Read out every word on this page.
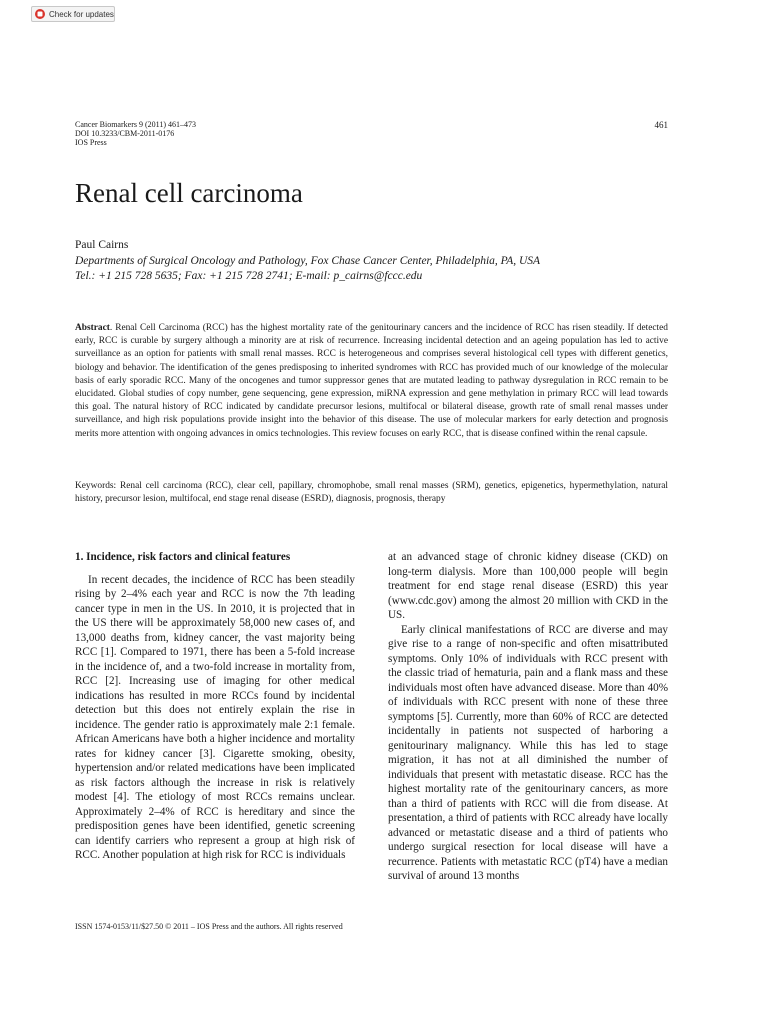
Check for updates
Cancer Biomarkers 9 (2011) 461–473
DOI 10.3233/CBM-2011-0176
IOS Press
461
Renal cell carcinoma
Paul Cairns
Departments of Surgical Oncology and Pathology, Fox Chase Cancer Center, Philadelphia, PA, USA
Tel.: +1 215 728 5635; Fax: +1 215 728 2741; E-mail: p_cairns@fccc.edu

Abstract. Renal Cell Carcinoma (RCC) has the highest mortality rate of the genitourinary cancers and the incidence of RCC has risen steadily. If detected early, RCC is curable by surgery although a minority are at risk of recurrence. Increasing incidental detection and an ageing population has led to active surveillance as an option for patients with small renal masses. RCC is heterogeneous and comprises several histological cell types with different genetics, biology and behavior. The identification of the genes predisposing to inherited syndromes with RCC has provided much of our knowledge of the molecular basis of early sporadic RCC. Many of the oncogenes and tumor suppressor genes that are mutated leading to pathway dysregulation in RCC remain to be elucidated. Global studies of copy number, gene sequencing, gene expression, miRNA expression and gene methylation in primary RCC will lead towards this goal. The natural history of RCC indicated by candidate precursor lesions, multifocal or bilateral disease, growth rate of small renal masses under surveillance, and high risk populations provide insight into the behavior of this disease. The use of molecular markers for early detection and prognosis merits more attention with ongoing advances in omics technologies. This review focuses on early RCC, that is disease confined within the renal capsule.

Keywords: Renal cell carcinoma (RCC), clear cell, papillary, chromophobe, small renal masses (SRM), genetics, epigenetics, hypermethylation, natural history, precursor lesion, multifocal, end stage renal disease (ESRD), diagnosis, prognosis, therapy

1. Incidence, risk factors and clinical features

In recent decades, the incidence of RCC has been steadily rising by 2–4% each year and RCC is now the 7th leading cancer type in men in the US. In 2010, it is projected that in the US there will be approximately 58,000 new cases of, and 13,000 deaths from, kidney cancer, the vast majority being RCC [1]. Compared to 1971, there has been a 5-fold increase in the incidence of, and a two-fold increase in mortality from, RCC [2]. Increasing use of imaging for other medical indications has resulted in more RCCs found by incidental detection but this does not entirely explain the rise in incidence. The gender ratio is approximately male 2:1 female. African Americans have both a higher incidence and mortality rates for kidney cancer [3]. Cigarette smoking, obesity, hypertension and/or related medications have been implicated as risk factors although the increase in risk is relatively modest [4]. The etiology of most RCCs remains unclear. Approximately 2–4% of RCC is hereditary and since the predisposition genes have been identified, genetic screening can identify carriers who represent a group at high risk of RCC. Another population at high risk for RCC is individuals

at an advanced stage of chronic kidney disease (CKD) on long-term dialysis. More than 100,000 people will begin treatment for end stage renal disease (ESRD) this year (www.cdc.gov) among the almost 20 million with CKD in the US.

Early clinical manifestations of RCC are diverse and may give rise to a range of non-specific and often misattributed symptoms. Only 10% of individuals with RCC present with the classic triad of hematuria, pain and a flank mass and these individuals most often have advanced disease. More than 40% of individuals with RCC present with none of these three symptoms [5]. Currently, more than 60% of RCC are detected incidentally in patients not suspected of harboring a genitourinary malignancy. While this has led to stage migration, it has not at all diminished the number of individuals that present with metastatic disease. RCC has the highest mortality rate of the genitourinary cancers, as more than a third of patients with RCC will die from disease. At presentation, a third of patients with RCC already have locally advanced or metastatic disease and a third of patients who undergo surgical resection for local disease will have a recurrence. Patients with metastatic RCC (pT4) have a median survival of around 13 months

ISSN 1574-0153/11/$27.50 © 2011 – IOS Press and the authors. All rights reserved
